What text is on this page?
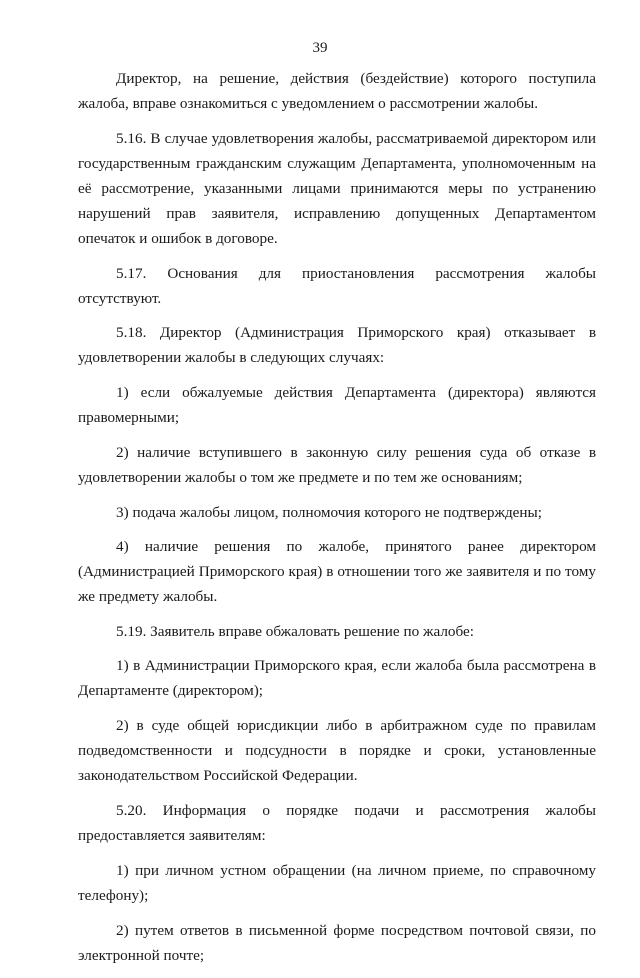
39

Директор, на решение, действия (бездействие) которого поступила жалоба, вправе ознакомиться с уведомлением о рассмотрении жалобы.

5.16. В случае удовлетворения жалобы, рассматриваемой директором или государственным гражданским служащим Департамента, уполномоченным на её рассмотрение, указанными лицами принимаются меры по устранению нарушений прав заявителя, исправлению допущенных Департаментом опечаток и ошибок в договоре.

5.17. Основания для приостановления рассмотрения жалобы отсутствуют.

5.18. Директор (Администрация Приморского края) отказывает в удовлетворении жалобы в следующих случаях:

1) если обжалуемые действия Департамента (директора) являются правомерными;

2) наличие вступившего в законную силу решения суда об отказе в удовлетворении жалобы о том же предмете и по тем же основаниям;

3) подача жалобы лицом, полномочия которого не подтверждены;

4) наличие решения по жалобе, принятого ранее директором (Администрацией Приморского края) в отношении того же заявителя и по тому же предмету жалобы.

5.19. Заявитель вправе обжаловать решение по жалобе:

1) в Администрации Приморского края, если жалоба была рассмотрена в Департаменте (директором);

2) в суде общей юрисдикции либо в арбитражном суде по правилам подведомственности и подсудности в порядке и сроки, установленные законодательством Российской Федерации.

5.20. Информация о порядке подачи и рассмотрения жалобы предоставляется заявителям:

1) при личном устном обращении (на личном приеме, по справочному телефону);

2) путем ответов в письменной форме посредством почтовой связи, по электронной почте;
